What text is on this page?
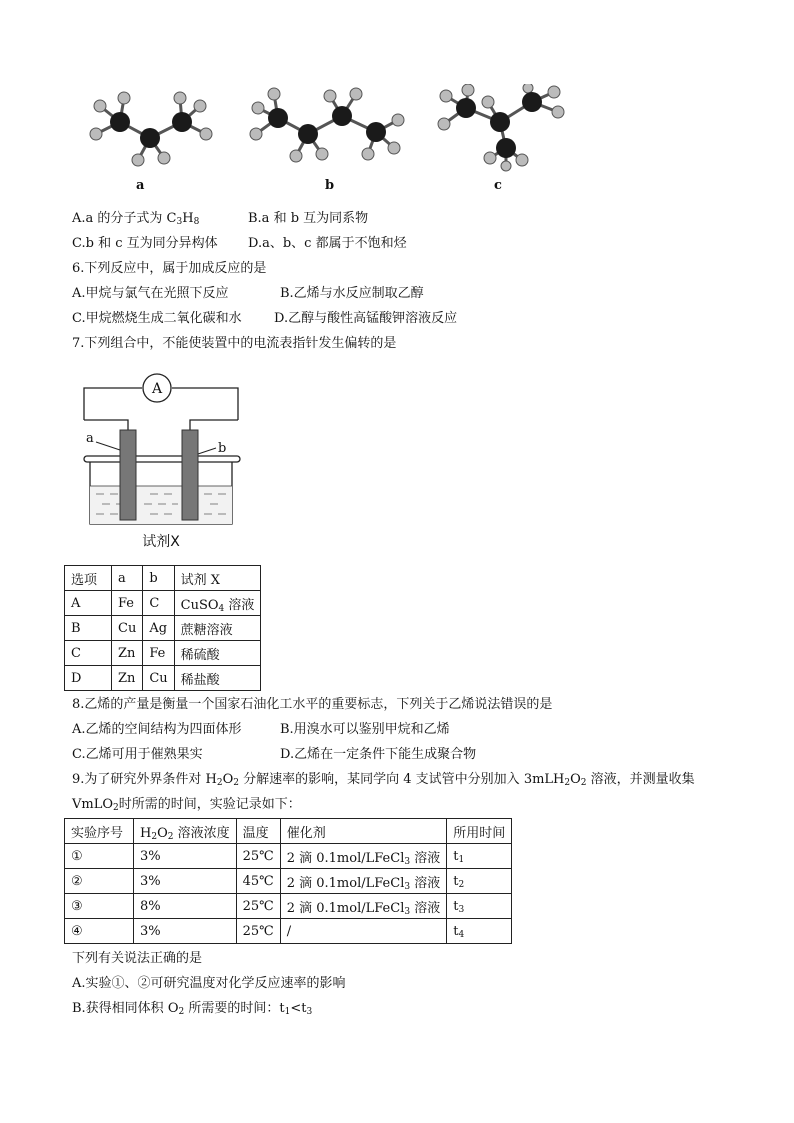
a	b	c
A.a 的分子式为 $C_3H_8$	B.a 和 b 互为同系物
C.b 和 c 互为同分异构体 D.a、b、c 都属于不饱和烃
6.下列反应中，属于加成反应的是
A.甲烷与氯气在光照下反应	B.乙烯与水反应制取乙醇
C.甲烷燃烧生成二氧化碳和水 D.乙醇与酸性高锰酸钾溶液反应
7.下列组合中，不能使装置中的电流表指针发生偏转的是
A
a
b
试剂X
选项	a	b	试剂 X
A	Fe	C	CuSO$_4$ 溶液
B	Cu	Ag	蔗糖溶液
C	Zn	Fe	稀硫酸
D	Zn	Cu	稀盐酸
8.乙烯的产量是衡量一个国家石油化工水平的重要标志，下列关于乙烯说法错误的是
A.乙烯的空间结构为四面体形	B.用溴水可以鉴别甲烷和乙烯
C.乙烯可用于催熟果实	D.乙烯在一定条件下能生成聚合物
9.为了研究外界条件对 $H_2O_2$ 分解速率的影响，某同学向 4 支试管中分别加入 $3mLH_2O_2$ 溶液，并测量收集
VmLO$_2$时所需的时间，实验记录如下：
实验序号	$H_2O_2$ 溶液浓度	温度	催化剂	所用时间
①	3%	25℃	2 滴 0.1mol/LFeCl$_3$ 溶液	$t_1$
②	3%	45℃	2 滴 0.1mol/LFeCl$_3$ 溶液	$t_2$
③	8%	25℃	2 滴 0.1mol/LFeCl$_3$ 溶液	$t_3$
④	3%	25℃	/	$t_4$
下列有关说法正确的是
A.实验①、②可研究温度对化学反应速率的影响
B.获得相同体积 $O_2$ 所需要的时间：$t_1<t_3$
